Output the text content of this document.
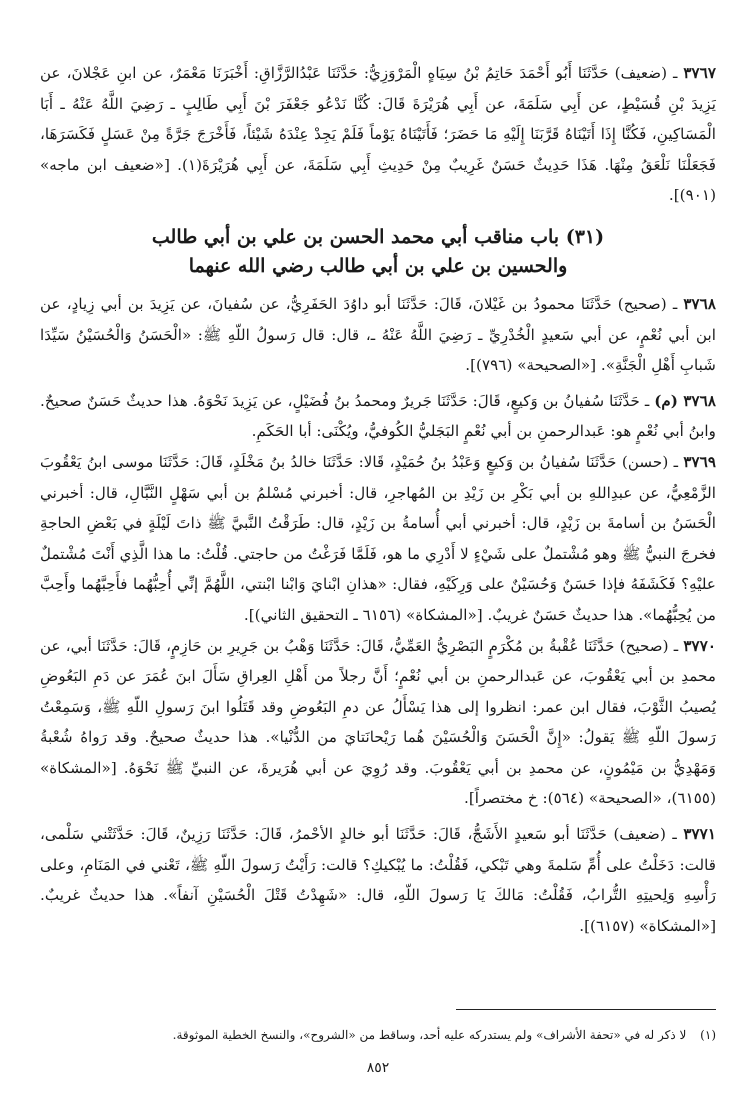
٣٧٦٧ ـ (ضعيف) حَدَّثَنَا أَبُو أَحْمَدَ حَاتِمُ بْنُ سِيَاهٍ الْمَرْوَزِيُّ: حَدَّثَنَا عَبْدُالرَّزَّاقِ: أَخْبَرَنَا مَعْمَرٌ، عن ابنِ عَجْلانَ، عن يَزِيدَ بْنِ قُسَيْطٍ، عن أَبِي سَلَمَةَ، عن أَبِي هُرَيْرَةَ قَالَ: كُنَّا نَدْعُو جَعْفَرَ بْنَ أَبِي طَالِبٍ ـ رَضِيَ اللَّهُ عَنْهُ ـ أَبَا الْمَسَاكِينِ، فَكُنَّا إِذَا أَتَيْنَاهُ قَرَّبَنَا إِلَيْهِ مَا حَضَرَ؛ فَأَتَيْنَاهُ يَوْماً فَلَمْ يَجِدْ عِنْدَهُ شَيْئاً، فَأَخْرَجَ جَرَّةً مِنْ عَسَلٍ فَكَسَرَهَا، فَجَعَلْنَا نَلْعَقُ مِنْهَا. هَذَا حَدِيثٌ حَسَنٌ غَرِيبٌ مِنْ حَدِيثِ أَبِي سَلَمَةَ، عن أَبِي هُرَيْرَةَ(١). [«ضعيف ابن ماجه» (٩٠١)].

(٣١) باب مناقب أبي محمد الحسن بن علي بن أبي طالب
والحسين بن علي بن أبي طالب رضي الله عنهما

٣٧٦٨ ـ (صحيح) حَدَّثَنَا محمودُ بن غَيْلانَ، قَالَ: حَدَّثَنَا أبو داوُدَ الحَفَرِيُّ، عن سُفيانَ، عن يَزِيدَ بن أبي زِيادٍ، عن ابن أبي نُعْمٍ، عن أبي سَعيدٍ الْخُدْرِيِّ ـ رَضِيَ اللَّهُ عَنْهُ ـ، قال: قال رَسولُ اللّهِ ﷺ: «الْحَسَنُ وَالْحُسَيْنُ سَيِّدَا شَبابِ أَهْلِ الْجَنَّةِ». [«الصحيحة» (٧٩٦)].

٣٧٦٨ (م) ـ حَدَّثَنَا سُفيانُ بن وَكيعٍ، قَالَ: حَدَّثَنَا جَريرٌ ومحمدُ بنُ فُضَيْلٍ، عن يَزِيدَ نَحْوَهُ. هذا حديثٌ حَسَنٌ صحيحٌ. وابنُ أبي نُعْمٍ هو: عَبدالرحمنِ بن أبي نُعْمٍ البَجَليُّ الكُوفيُّ، ويُكْنَى: أبا الحَكَمِ.

٣٧٦٩ ـ (حسن) حَدَّثَنَا سُفيانُ بن وَكيعٍ وَعَبْدُ بنُ حُمَيْدٍ، قَالا: حَدَّثَنَا خالدُ بنُ مَخْلَدٍ، قَالَ: حَدَّثَنَا موسى ابنُ يَعْقُوبَ الزَّمْعِيُّ، عن عبدِاللهِ بن أبي بَكْرِ بن زَيْدِ بن المُهاجرِ، قال: أخبرني مُسْلمُ بن أبي سَهْلٍ النَّبَّالِ، قال: أخبرني الْحَسَنُ بن أسامةَ بن زَيْدٍ، قال: أخبرني أبي أُسامةُ بن زَيْدٍ، قال: طَرَقْتُ النَّبيَّ ﷺ ذاتَ لَيْلَةٍ في بَعْضِ الحاجةِ فخرجَ النبيُّ ﷺ وهو مُشْتملٌ على شَيْءٍ لا أَدْرِي ما هو، فَلَمَّا فَرَغْتُ من حاجتي. قُلْتُ: ما هذا الَّذِي أَنْتَ مُشْتملٌ عليْهِ؟ فَكَشَفَهُ فإذا حَسَنٌ وَحُسَيْنٌ على وَرِكَيْهِ، فقال: «هذانِ ابْنايَ وَابْنا ابْنتي، اللَّهُمَّ إنِّي أُحِبُّهُما فأَحِبَّهُما وأَحِبَّ من يُحِبُّهُما». هذا حديثٌ حَسَنٌ غريبٌ. [«المشكاة» (٦١٥٦ ـ التحقيق الثاني)].

٣٧٧٠ ـ (صحيح) حَدَّثَنَا عُقْبةُ بن مُكْرَمٍ البَصْرِيُّ العَمِّيُّ، قَالَ: حَدَّثَنَا وَهْبُ بن جَرِيرِ بن حَازِمٍ، قَالَ: حَدَّثَنَا أبي، عن محمدِ بن أبي يَعْقُوبَ، عن عَبدالرحمنِ بن أبي نُعْمٍ؛ أَنَّ رجلاً من أَهْلِ العِراقِ سَأَلَ ابنَ عُمَرَ عن دَمِ البَعُوضِ يُصيبُ الثَّوْبَ، فقال ابن عمر: انظروا إلى هذا يَسْأَلُ عن دمِ البَعُوضِ وقد قَتَلُوا ابنَ رَسولِ اللّهِ ﷺ، وَسَمِعْتُ رَسولَ اللّهِ ﷺ يَقولُ: «إِنَّ الْحَسَنَ وَالْحُسَيْنَ هُما رَيْحانَتايَ من الدُّنْيا». هذا حديثٌ صحيحٌ. وقد رَواهُ شُعْبةُ وَمَهْدِيُّ بن مَيْمُونٍ، عن محمدِ بن أبي يَعْقُوبَ. وقد رُوِيَ عن أبي هُرَيرةَ، عن النبيِّ ﷺ نَحْوَهُ. [«المشكاة» (٦١٥٥)، «الصحيحة» (٥٦٤): خ مختصراً].

٣٧٧١ ـ (ضعيف) حَدَّثَنَا أبو سَعيدٍ الأَشَجُّ، قَالَ: حَدَّثَنَا أبو خالدٍ الأحْمرُ، قَالَ: حَدَّثَنَا رَزِينٌ، قَالَ: حَدَّثَتْني سَلْمى، قالت: دَخَلْتُ على أُمِّ سَلمةَ وهي تَبْكي، فَقُلْتُ: ما يُبْكيكِ؟ قالت: رَأَيْتُ رَسولَ اللّهِ ﷺ، تَعْني في المَنَامِ، وعلى رَأْسِهِ وَلِحيتِهِ التُّرابُ، فَقُلْتُ: مَالكَ يَا رَسولَ اللّهِ، قال: «شَهِدْتُ قَتْلَ الْحُسَيْنِ آنفاً». هذا حديثٌ غريبٌ. [«المشكاة» (٦١٥٧)].

(١) لا ذكر له في «تحفة الأشراف» ولم يستدركه عليه أحد، وساقط من «الشروح»، والنسخ الخطية الموثوقة.
٨٥٢
